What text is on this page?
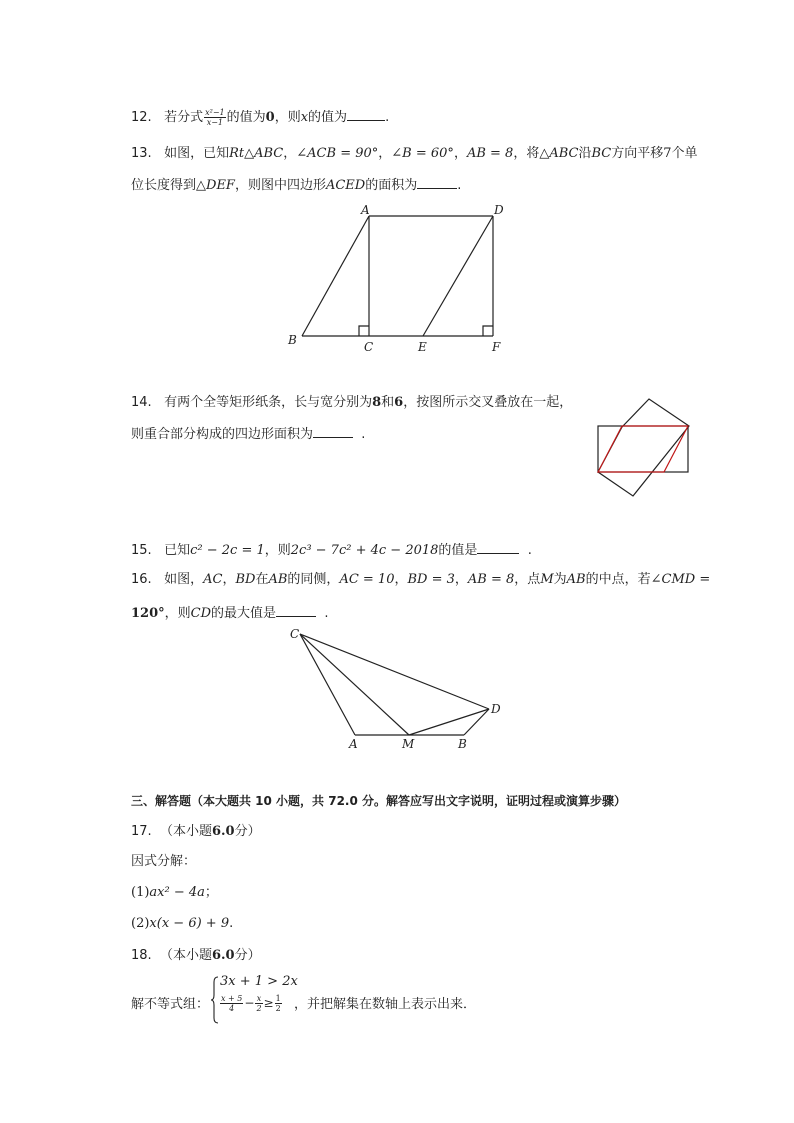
12. 若分式 $\frac{\text{x²−1}}{x-1}$ 的值为0，则x的值为	.
13. 如图，已知Rt△ABC，∠ACB = 90°，∠B = 60°，AB = 8，将△ABC沿BC方向平移7个单
位长度得到△DEF，则图中四边形ACED的面积为	.
A	D
B	C	E	F
14. 有两个全等矩形纸条，长与宽分别为8和6，按图所示交叉叠放在一起，
则重合部分构成的四边形面积为	.
15. 已知c² − 2c = 1，则2c³ − 7c² + 4c − 2018的值是	.
16. 如图，AC，BD在AB的同侧，AC = 10，BD = 3，AB = 8，点M为AB的中点，若∠CMD =
120°，则CD的最大值是	.
C
D
A	M	B
三、解答题（本大题共 10 小题，共 72.0 分。解答应写出文字说明，证明过程或演算步骤）
17. （本小题6.0分）
因式分解：
(1)ax² − 4a；
(2)x(x − 6) + 9.
18. （本小题6.0分）
解不等式组：
3x + 1 > 2x
$\frac{x + 5}{4} - \frac{x}{2} \ge \frac{1}{2}$ ，并把解集在数轴上表示出来．
